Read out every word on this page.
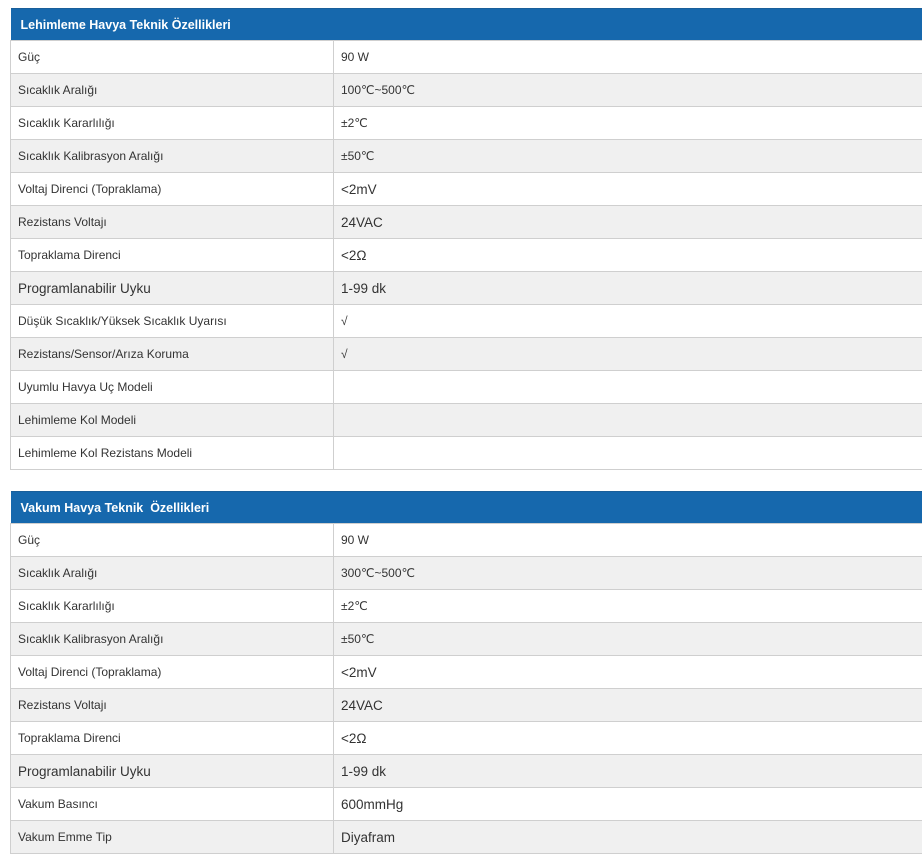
Lehimleme Havya Teknik Özellikleri	
Güç	90 W
Sıcaklık Aralığı	100℃~500℃
Sıcaklık Kararlılığı	±2℃
Sıcaklık Kalibrasyon Aralığı	±50℃
Voltaj Direnci (Topraklama)	<2mV
Rezistans Voltajı	24VAC
Topraklama Direnci	<2Ω
Programlanabilir Uyku	1-99 dk
Düşük Sıcaklık/Yüksek Sıcaklık Uyarısı	√
Rezistans/Sensor/Arıza Koruma	√
Uyumlu Havya Uç Modeli	
Lehimleme Kol Modeli	
Lehimleme Kol Rezistans Modeli	
Vakum Havya Teknik  Özellikleri	
Güç	90 W
Sıcaklık Aralığı	300℃~500℃
Sıcaklık Kararlılığı	±2℃
Sıcaklık Kalibrasyon Aralığı	±50℃
Voltaj Direnci (Topraklama)	<2mV
Rezistans Voltajı	24VAC
Topraklama Direnci	<2Ω
Programlanabilir Uyku	1-99 dk
Vakum Basıncı	600mmHg
Vakum Emme Tip	Diyafram
